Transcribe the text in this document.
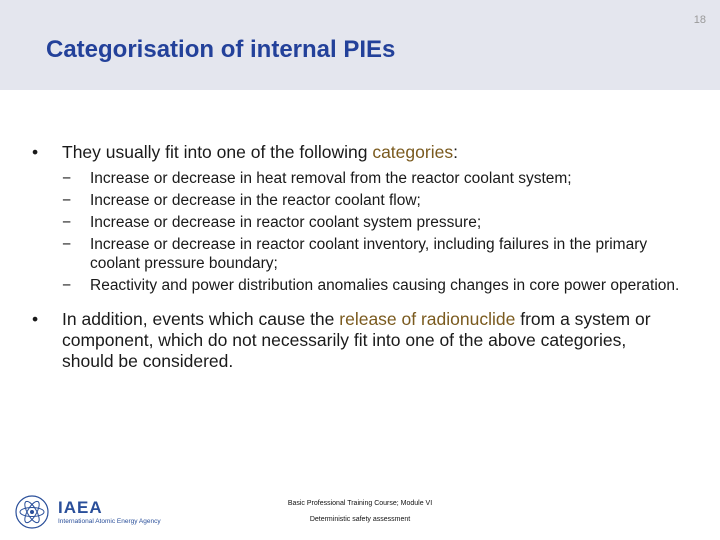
18
Categorisation of internal PIEs
• They usually fit into one of the following categories:
− Increase or decrease in heat removal from the reactor coolant system;
− Increase or decrease in the reactor coolant flow;
− Increase or decrease in reactor coolant system pressure;
− Increase or decrease in reactor coolant inventory, including failures in the primary coolant pressure boundary;
− Reactivity and power distribution anomalies causing changes in core power operation.
• In addition, events which cause the release of radionuclide from a system or component, which do not necessarily fit into one of the above categories, should be considered.
IAEA
International Atomic Energy Agency
Basic Professional Training Course; Module VI
Deterministic safety assessment
